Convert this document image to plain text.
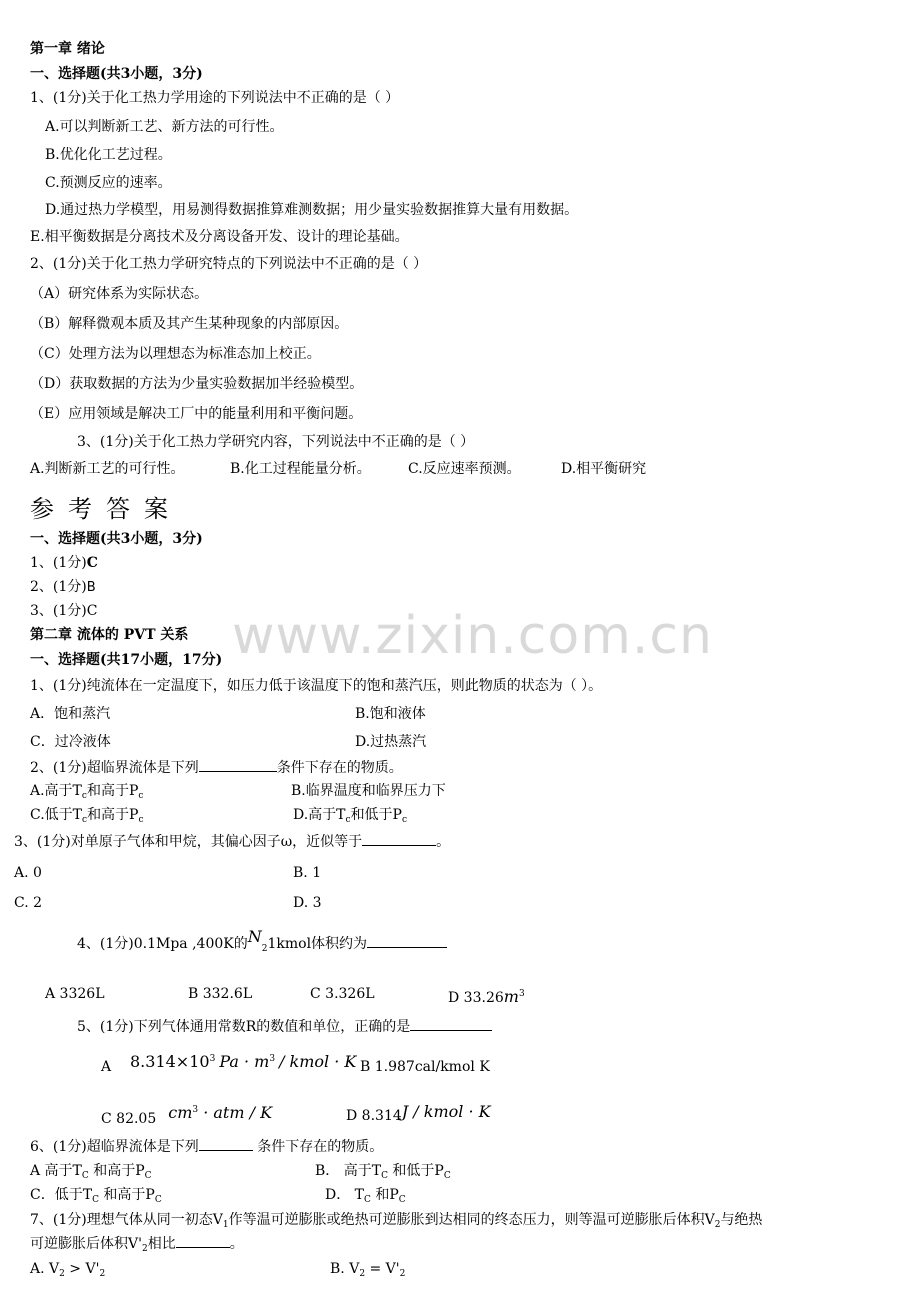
www.zixin.com.cn
第一章 绪论
一、选择题(共3小题，3分)
1、(1分)关于化工热力学用途的下列说法中不正确的是（ ）
A.可以判断新工艺、新方法的可行性。
B.优化化工艺过程。
C.预测反应的速率。
D.通过热力学模型，用易测得数据推算难测数据；用少量实验数据推算大量有用数据。
E.相平衡数据是分离技术及分离设备开发、设计的理论基础。
2、(1分)关于化工热力学研究特点的下列说法中不正确的是（ ）
（A）研究体系为实际状态。
（B）解释微观本质及其产生某种现象的内部原因。
（C）处理方法为以理想态为标准态加上校正。
（D）获取数据的方法为少量实验数据加半经验模型。
（E）应用领域是解决工厂中的能量利用和平衡问题。
3、(1分)关于化工热力学研究内容，下列说法中不正确的是（ ）
A.判断新工艺的可行性。	B.化工过程能量分析。	C.反应速率预测。	D.相平衡研究
参考答案
一、选择题(共3小题，3分)
1、(1分)C
2、(1分)B
3、(1分)C
第二章 流体的 PVT 关系
一、选择题(共17小题，17分)
1、(1分)纯流体在一定温度下，如压力低于该温度下的饱和蒸汽压，则此物质的状态为（ ）。
A．饱和蒸汽	B.饱和液体
C．过冷液体	D.过热蒸汽
2、(1分)超临界流体是下列	条件下存在的物质。
A.高于$T_c$和高于$P_c$	B.临界温度和临界压力下
C.低于$T_c$和高于$P_c$	D.高于$T_c$和低于$P_c$
3、(1分)对单原子气体和甲烷，其偏心因子ω，近似等于	。
A. 0	B. 1
C. 2	D. 3
4、(1分)0.1Mpa ,400K的$N_21kmol$体积约为
A 3326L	B 332.6L	C 3.326L	D $33.26m^3$
5、(1分)下列气体通用常数R的数值和单位，正确的是
A $8.314\times 10^3$ $Pa \cdot m^3$ / kmol · K B 1.987cal/kmol K
C 82.05 $cm^3$ · atm / K	D 8.314J / kmol · K
6、(1分)超临界流体是下列	条件下存在的物质。
A 高于$T_C$ 和高于$P_C$	B． 高于$T_C$ 和低于$P_C$
C．低于$T_C$ 和高于$P_C$	D． $T_C$ 和$P_C$
7、(1分)理想气体从同一初态$V_1$作等温可逆膨胀或绝热可逆膨胀到达相同的终态压力，则等温可逆膨胀后体积$V_2$与绝热
可逆膨胀后体积$V'_2$相比	。
A. $V_2 > V'_2$	B. $V_2 = V'_2$
